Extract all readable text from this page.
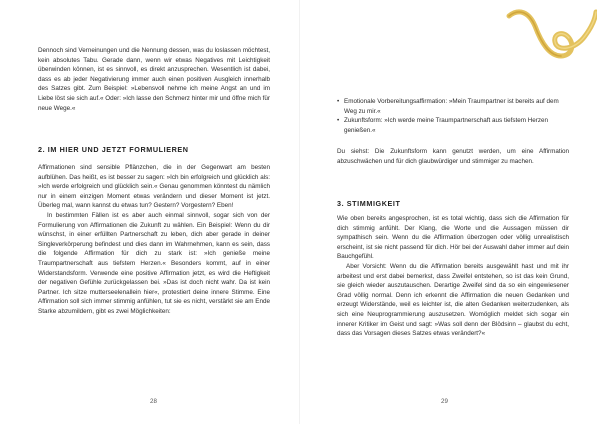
Dennoch sind Verneinungen und die Nennung dessen, was du loslassen möchtest, kein absolutes Tabu. Gerade dann, wenn wir etwas Negatives mit Leichtigkeit überwinden können, ist es sinnvoll, es direkt anzusprechen. Wesentlich ist dabei, dass es ab jeder Negativierung immer auch einen positiven Ausgleich innerhalb des Satzes gibt. Zum Beispiel: »Lebensvoll nehme ich meine Angst an und im Liebe löst sie sich auf.« Oder: »Ich lasse den Schmerz hinter mir und öffne mich für neue Wege.«

2. IM HIER UND JETZT FORMULIEREN

Affirmationen sind sensible Pflänzchen, die in der Gegenwart am besten aufblühen. Das heißt, es ist besser zu sagen: »Ich bin erfolgreich und glücklich als: »Ich werde erfolgreich und glücklich sein.« Genau genommen könntest du nämlich nur in einem einzigen Moment etwas verändern und dieser Moment ist jetzt. Überleg mal, wann kannst du etwas tun? Gestern? Vorgestern? Eben!

In bestimmten Fällen ist es aber auch einmal sinnvoll, sogar sich von der Formulierung von Affirmationen die Zukunft zu wählen. Ein Beispiel: Wenn du dir wünschst, in einer erfüllten Partnerschaft zu leben, dich aber gerade in deiner Singleverkörperung befindest und dies dann im Wahrnehmen, kann es sein, dass die folgende Affirmation für dich zu stark ist: »Ich genieße meine Traumpartnerschaft aus tiefstem Herzen.« Besonders kommt, auf in einer Widerstandsform. Verwende eine positive Affirmation jetzt, es wird die Heftigkeit der negativen Gefühle zurückgelassen bei. »Das ist doch nicht wahr. Da ist kein Partner. Ich sitze mutterseelenallein hier«, protestiert deine innere Stimme. Eine Affirmation soll sich immer stimmig anfühlen, tut sie es nicht, verstärkt sie am Ende Starke abzumildern, gibt es zwei Möglichkeiten:

28
• Emotionale Vorbereitungsaffirmation: »Mein Traumpartner ist bereits auf dem Weg zu mir.«
• Zukunftsform: »Ich werde meine Traumpartnerschaft aus tiefstem Herzen genießen.«

Du siehst: Die Zukunftsform kann genutzt werden, um eine Affirmation abzuschwächen und für dich glaubwürdiger und stimmiger zu machen.

3. STIMMIGKEIT

Wie oben bereits angesprochen, ist es total wichtig, dass sich die Affirmation für dich stimmig anfühlt. Der Klang, die Worte und die Aussagen müssen dir sympathisch sein. Wenn du die Affirmation überzogen oder völlig unrealistisch erscheint, ist sie nicht passend für dich. Hör bei der Auswahl daher immer auf dein Bauchgefühl.

Aber Vorsicht: Wenn du die Affirmation bereits ausgewählt hast und mit ihr arbeitest und erst dabei bemerkst, dass Zweifel entstehen, so ist das kein Grund, sie gleich wieder auszutauschen. Derartige Zweifel sind da so ein eingewiesener Grad völlig normal. Denn ich erkennt die Affirmation die neuen Gedanken und erzeugt Widerstände, weil es leichter ist, die alten Gedanken weiterzudenken, als sich eine Neuprogrammierung auszusetzen. Womöglich meldet sich sogar ein innerer Kritiker im Geist und sagt: »Was soll denn der Blödsinn – glaubst du echt, dass das Vorsagen dieses Satzes etwas verändert?«

29
